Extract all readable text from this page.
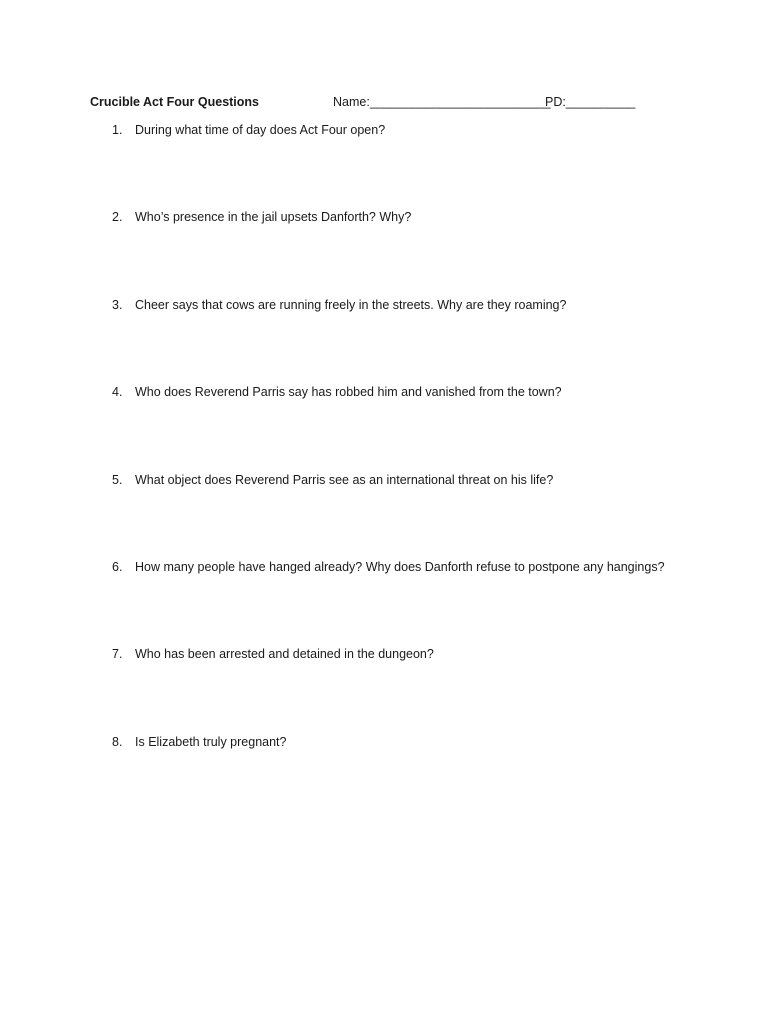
Crucible Act Four Questions	Name:__________________________
PD:__________
1. During what time of day does Act Four open?
2. Who’s presence in the jail upsets Danforth? Why?
3. Cheer says that cows are running freely in the streets. Why are they roaming?
4. Who does Reverend Parris say has robbed him and vanished from the town?
5. What object does Reverend Parris see as an international threat on his life?
6. How many people have hanged already? Why does Danforth refuse to postpone any hangings?
7. Who has been arrested and detained in the dungeon?
8. Is Elizabeth truly pregnant?
